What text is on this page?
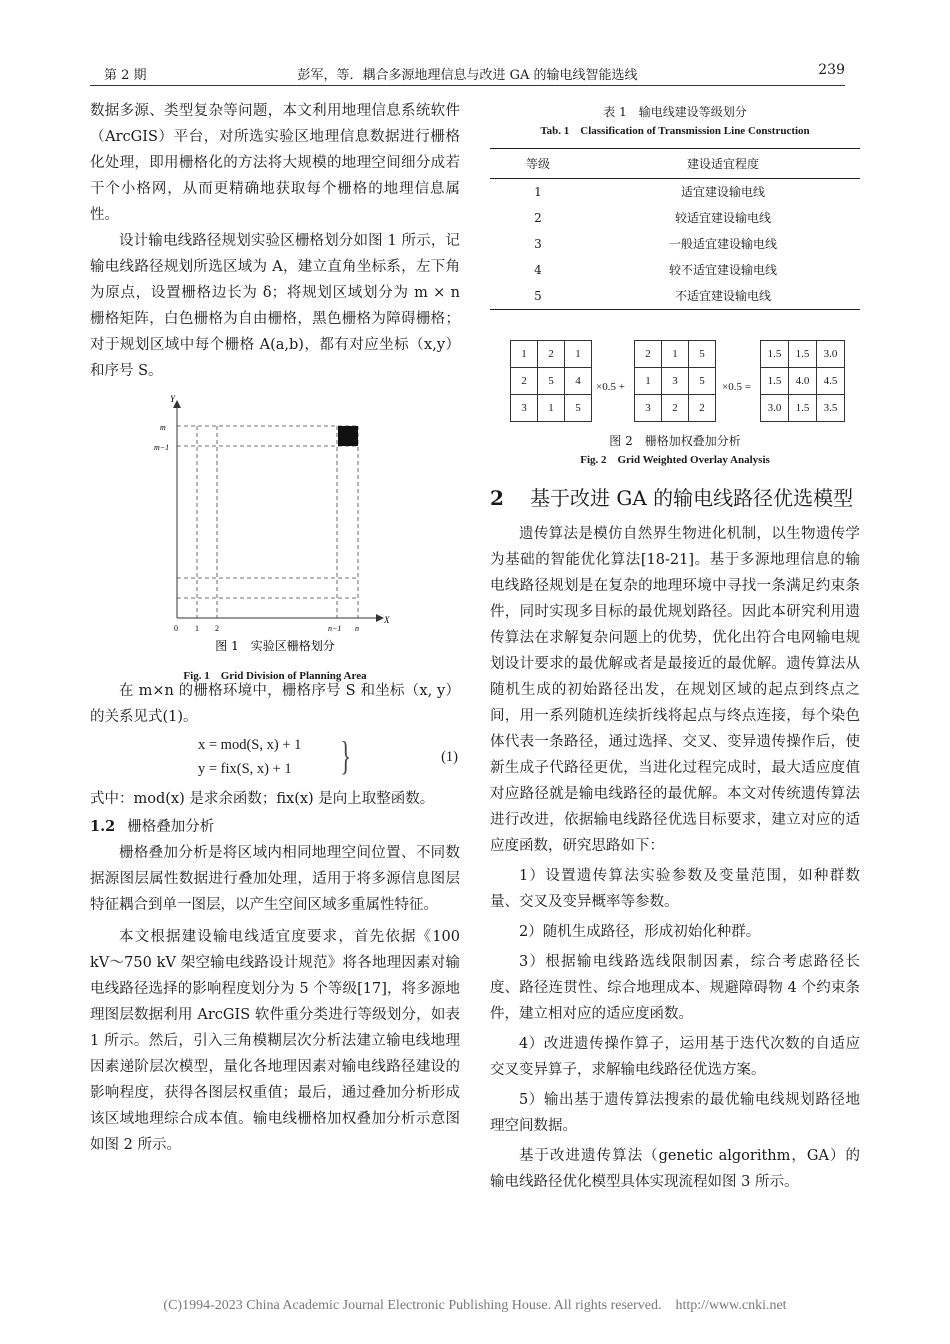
第 2 期	彭军，等．耦合多源地理信息与改进 GA 的输电线智能选线	239

数据多源、类型复杂等问题，本文利用地理信息系统软件（ArcGIS）平台，对所选实验区地理信息数据进行栅格化处理，即用栅格化的方法将大规模的地理空间细分成若干个小格网，从而更精确地获取每个栅格的地理信息属性。

设计输电线路径规划实验区栅格划分如图 1 所示，记输电线路径规划所选区域为 A，建立直角坐标系，左下角为原点，设置栅格边长为 δ；将规划区域划分为 m × n 栅格矩阵，白色栅格为自由栅格，黑色栅格为障碍栅格；对于规划区域中每个栅格 A(a,b)，都有对应坐标（x,y）和序号 S。

Y
X
m
m−1
0 1 2	n−1 n
图 1　实验区栅格划分
Fig. 1　Grid Division of Planning Area

在 m×n 的栅格环境中，栅格序号 S 和坐标（x, y）的关系见式(1)。

x = mod(S, x) + 1
y = fix(S, x) + 1 }	(1)

式中：mod(x) 是求余函数；fix(x) 是向上取整函数。

1.2 栅格叠加分析

栅格叠加分析是将区域内相同地理空间位置、不同数据源图层属性数据进行叠加处理，适用于将多源信息图层特征耦合到单一图层，以产生空间区域多重属性特征。

本文根据建设输电线适宜度要求，首先依据《100 kV～750 kV 架空输电线路设计规范》将各地理因素对输电线路径选择的影响程度划分为 5 个等级[17]，将多源地理图层数据利用 ArcGIS 软件重分类进行等级划分，如表 1 所示。然后，引入三角模糊层次分析法建立输电线地理因素递阶层次模型，量化各地理因素对输电线路径建设的影响程度，获得各图层权重值；最后，通过叠加分析形成该区域地理综合成本值。输电线栅格加权叠加分析示意图如图 2 所示。

表 1　输电线建设等级划分
Tab. 1　Classification of Transmission Line Construction
等级	建设适宜程度
1	适宜建设输电线
2	较适宜建设输电线
3	一般适宜建设输电线
4	较不适宜建设输电线
5	不适宜建设输电线
1	2	1
2	5	4
3	1	5
×0.5 +
2	1	5
1	3	5
3	2	2
×0.5 =
1.5	1.5	3.0
1.5	4.0	4.5
3.0	1.5	3.5
图 2　栅格加权叠加分析
Fig. 2　Grid Weighted Overlay Analysis
2 基于改进 GA 的输电线路径优选模型

遗传算法是模仿自然界生物进化机制，以生物遗传学为基础的智能优化算法[18-21]。基于多源地理信息的输电线路径规划是在复杂的地理环境中寻找一条满足约束条件，同时实现多目标的最优规划路径。因此本研究利用遗传算法在求解复杂问题上的优势，优化出符合电网输电规划设计要求的最优解或者是最接近的最优解。遗传算法从随机生成的初始路径出发，在规划区域的起点到终点之间，用一系列随机连续折线将起点与终点连接，每个染色体代表一条路径，通过选择、交叉、变异遗传操作后，使新生成子代路径更优，当进化过程完成时，最大适应度值对应路径就是输电线路径的最优解。本文对传统遗传算法进行改进，依据输电线路径优选目标要求，建立对应的适应度函数，研究思路如下：

1）设置遗传算法实验参数及变量范围，如种群数量、交叉及变异概率等参数。

2）随机生成路径，形成初始化种群。

3）根据输电线路选线限制因素，综合考虑路径长度、路径连贯性、综合地理成本、规避障碍物 4 个约束条件，建立相对应的适应度函数。

4）改进遗传操作算子，运用基于迭代次数的自适应交叉变异算子，求解输电线路径优选方案。

5）输出基于遗传算法搜索的最优输电线规划路径地理空间数据。

基于改进遗传算法（genetic algorithm，GA）的输电线路径优化模型具体实现流程如图 3 所示。

(C)1994-2023 China Academic Journal Electronic Publishing House. All rights reserved.　http://www.cnki.net
